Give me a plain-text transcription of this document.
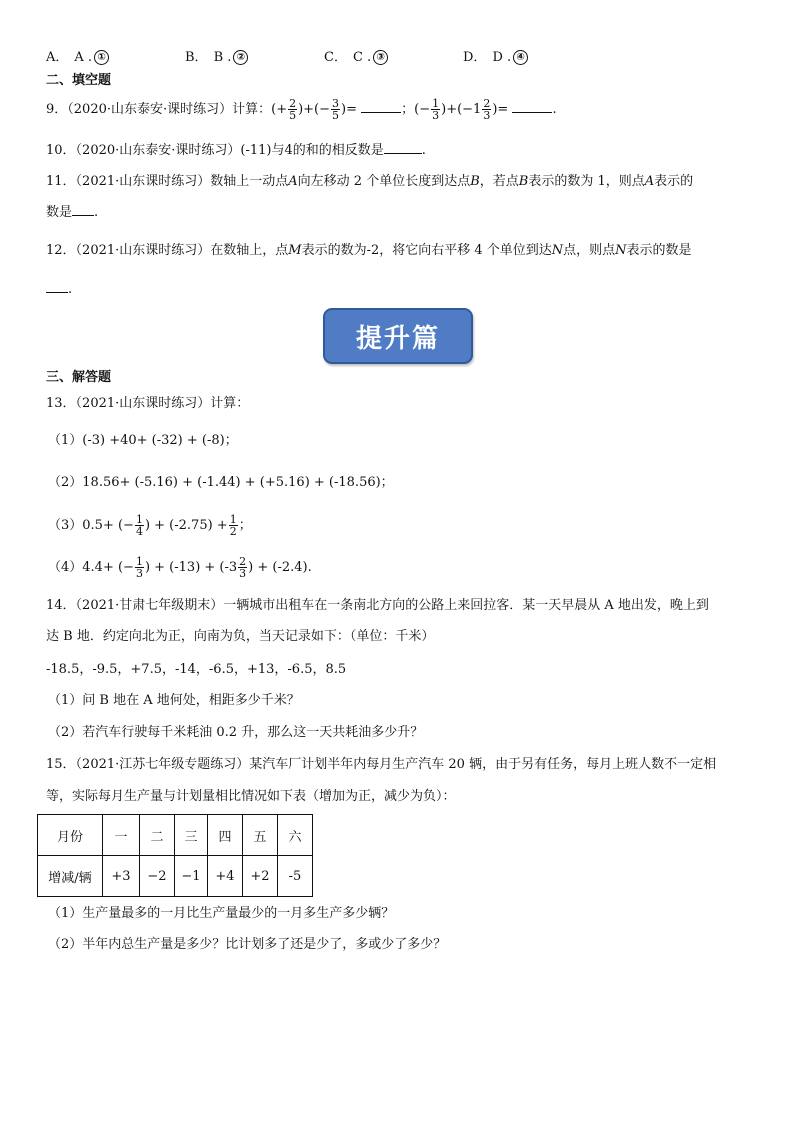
A． A . ①	B． B . ②	C． C . ③	D． D . ④
二、填空题
9．（2020·山东泰安·课时练习）计算：(+ $\frac{2}{5}$ )+(− $\frac{3}{5}$ )=	；(− $\frac{1}{3} )+(-1 \frac{2}{3}$ )=	.
10．（2020·山东泰安·课时练习）(-11)与4的和的相反数是	.
11．（2021·山东课时练习）数轴上一动点A向左移动 2 个单位长度到达点B，若点B表示的数为 1，则点A表示的
数是 .
12．（2021·山东课时练习）在数轴上，点M表示的数为-2，将它向右平移 4 个单位到达N点，则点N表示的数是
.
提升篇
三、解答题
13．（2021·山东课时练习）计算：
（1）(-3) +40+ (-32) + (-8)；
（2）18.56+ (-5.16) + (-1.44) + (+5.16) + (-18.56)；
（3）0.5+ (− $\frac{1}{4}$ ) + $(-2.75) + \frac{1}{2}$ ；
（4）4.4+ (− $\frac{1}{3}$ ) + $(-13) + (-3 \frac{2}{3}$ ) + (-2.4).
14．（2021·甘肃七年级期末）一辆城市出租车在一条南北方向的公路上来回拉客．某一天早晨从 A 地出发，晚上到
达 B 地．约定向北为正，向南为负，当天记录如下：（单位：千米）
-18.5，-9.5，+7.5，-14，-6.5，+13，-6.5，8.5
（1）问 B 地在 A 地何处，相距多少千米？
（2）若汽车行驶每千米耗油 0.2 升，那么这一天共耗油多少升？
15．（2021·江苏七年级专题练习）某汽车厂计划半年内每月生产汽车 20 辆，由于另有任务，每月上班人数不一定相
等，实际每月生产量与计划量相比情况如下表（增加为正，减少为负）：
月份	一	二	三	四	五	六
增减/辆	+3	−2	−1	+4	+2	-5
（1）生产量最多的一月比生产量最少的一月多生产多少辆？
（2）半年内总生产量是多少？比计划多了还是少了，多或少了多少？
